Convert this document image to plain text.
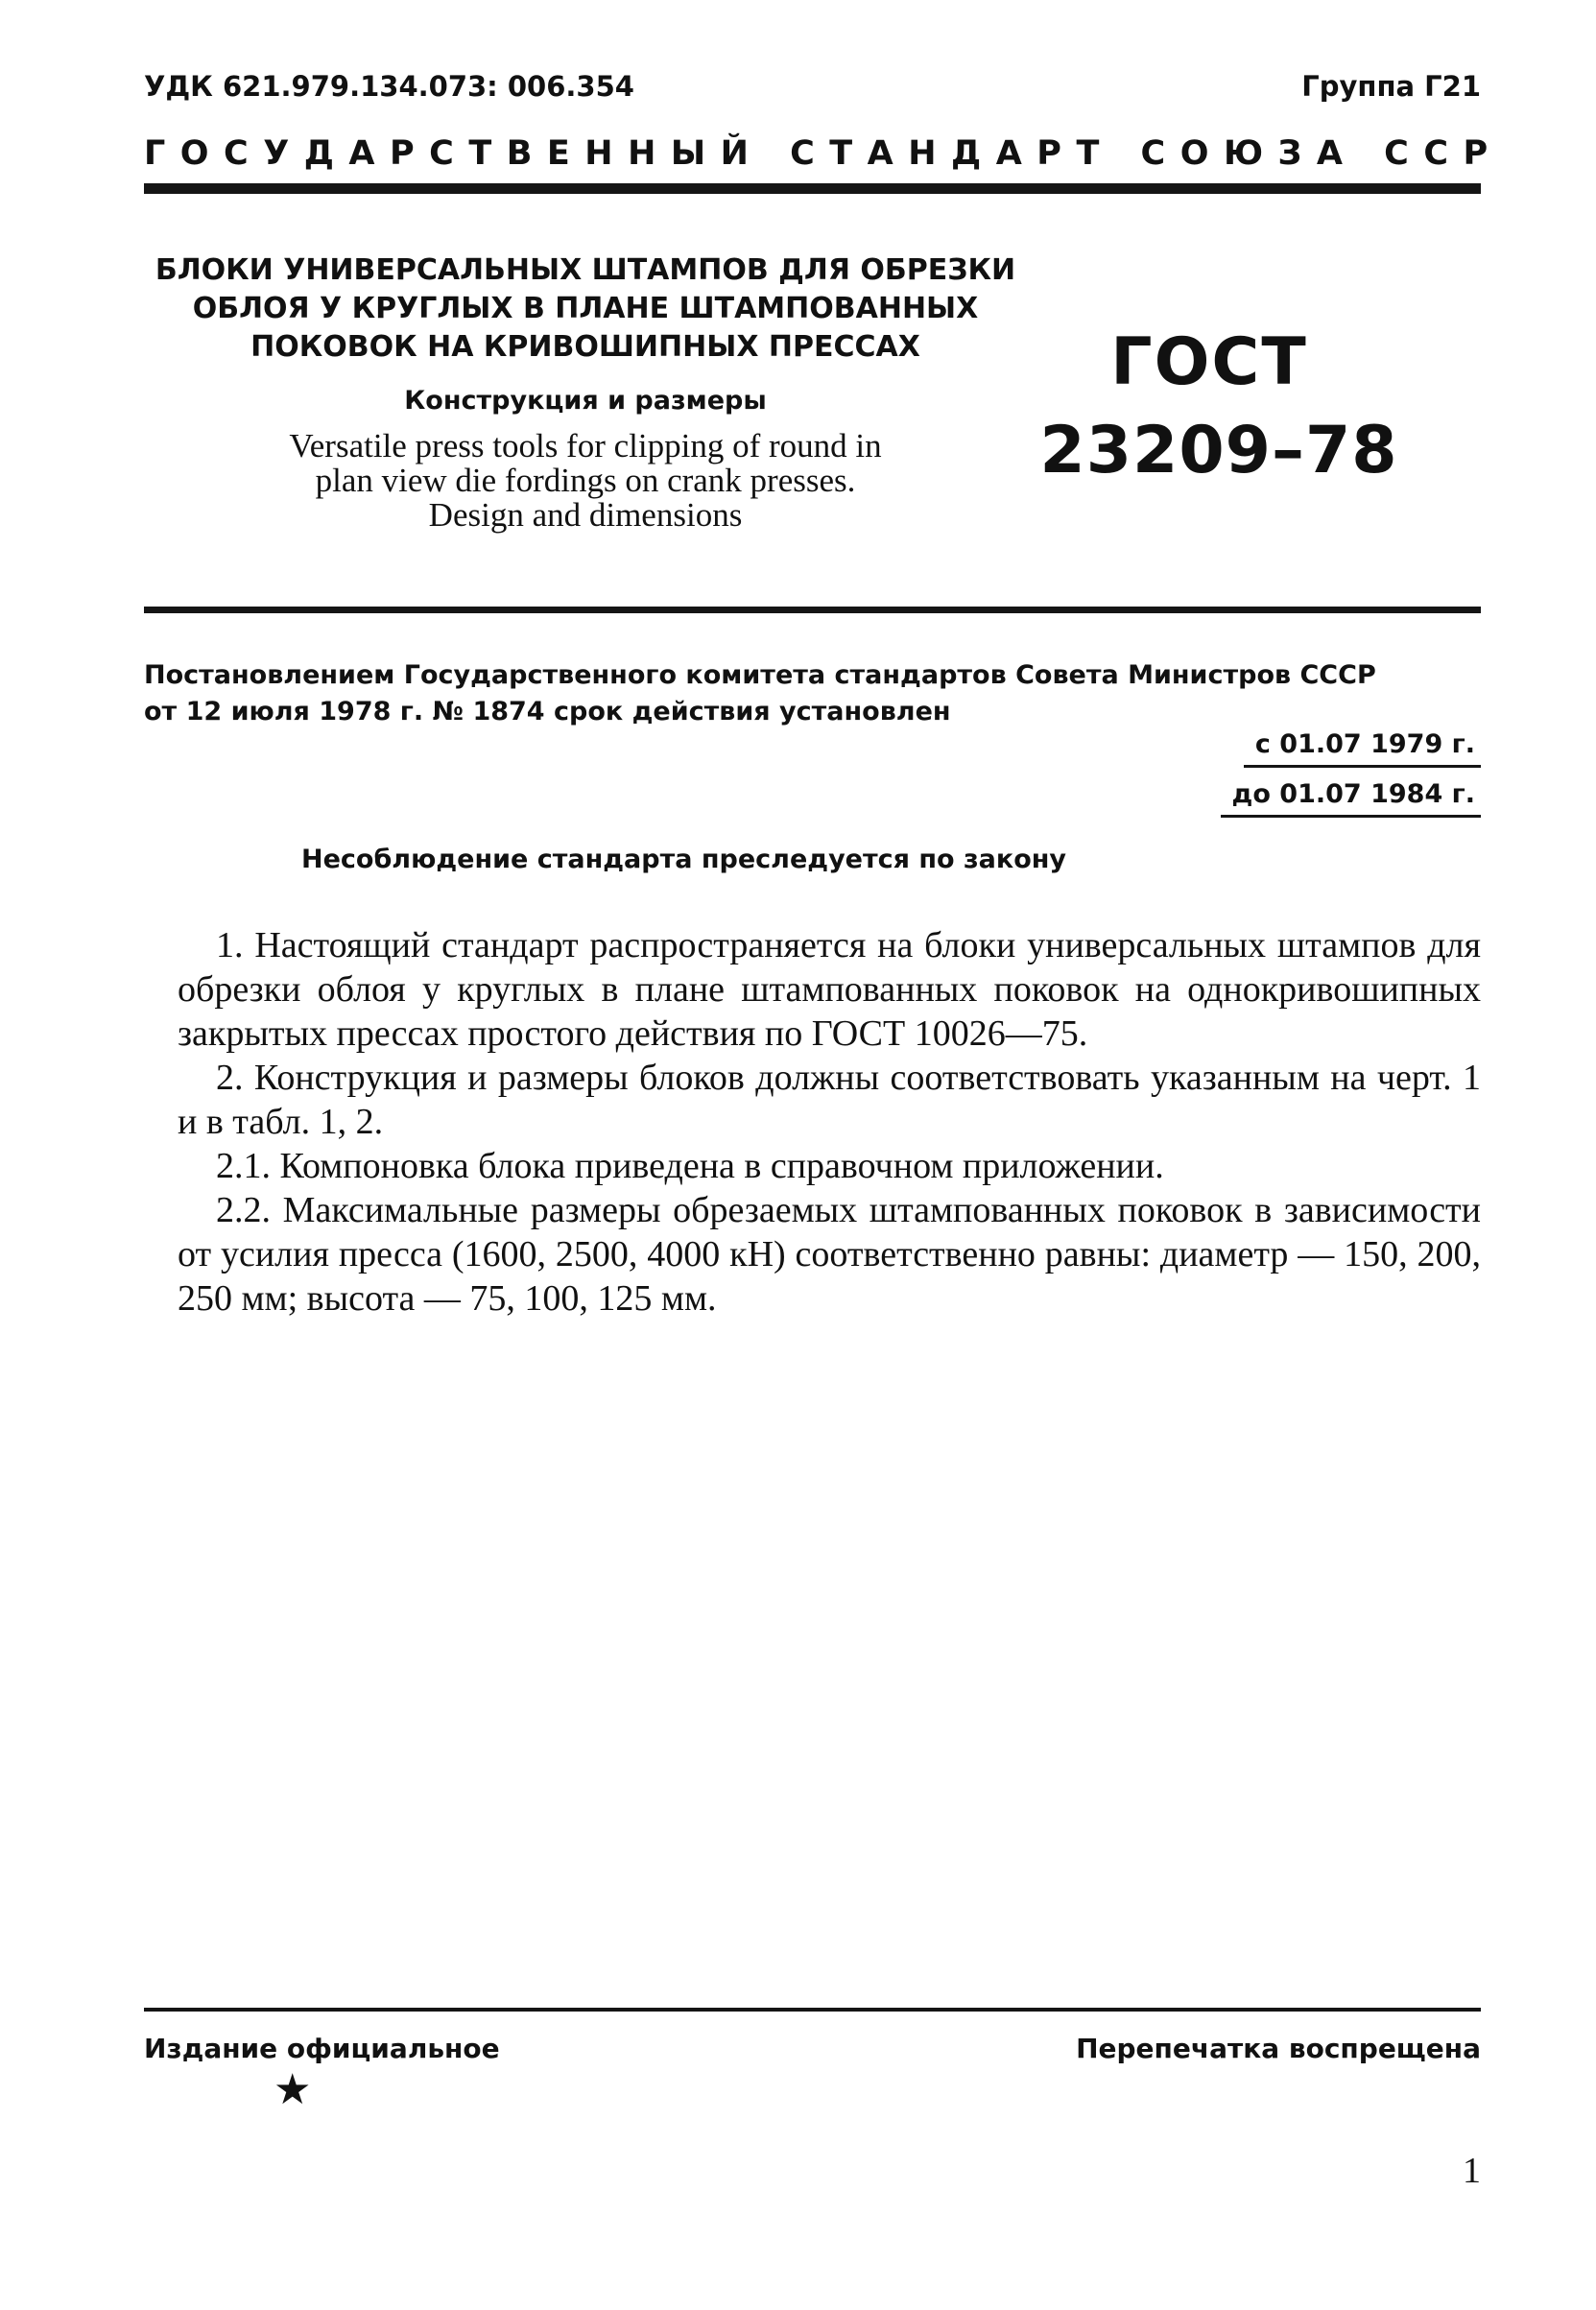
УДК 621.979.134.073: 006.354	Группа Г21
ГОСУДАРСТВЕННЫЙ СТАНДАРТ СОЮЗА ССР
БЛОКИ УНИВЕРСАЛЬНЫХ ШТАМПОВ ДЛЯ ОБРЕЗКИ
ОБЛОЯ У КРУГЛЫХ В ПЛАНЕ ШТАМПОВАННЫХ
ПОКОВОК НА КРИВОШИПНЫХ ПРЕССАХ
Конструкция и размеры
Versatile press tools for clipping of round in
plan view die fordings on crank presses.
Design and dimensions
ГОСТ
23209–78
Постановлением Государственного комитета стандартов Совета Министров СССР
от 12 июля 1978 г. № 1874 срок действия установлен
с 01.07 1979 г.
до 01.07 1984 г.
Несоблюдение стандарта преследуется по закону

1. Настоящий стандарт распространяется на блоки универсальных штампов для обрезки облоя у круглых в плане штампованных поковок на однокривошипных закрытых прессах простого действия по ГОСТ 10026—75.

2. Конструкция и размеры блоков должны соответствовать указанным на черт. 1 и в табл. 1, 2.

2.1. Компоновка блока приведена в справочном приложении.

2.2. Максимальные размеры обрезаемых штампованных поковок в зависимости от усилия пресса (1600, 2500, 4000 кН) соответственно равны: диаметр — 150, 200, 250 мм; высота — 75, 100, 125 мм.

Издание официальное	Перепечатка воспрещена
★
1
